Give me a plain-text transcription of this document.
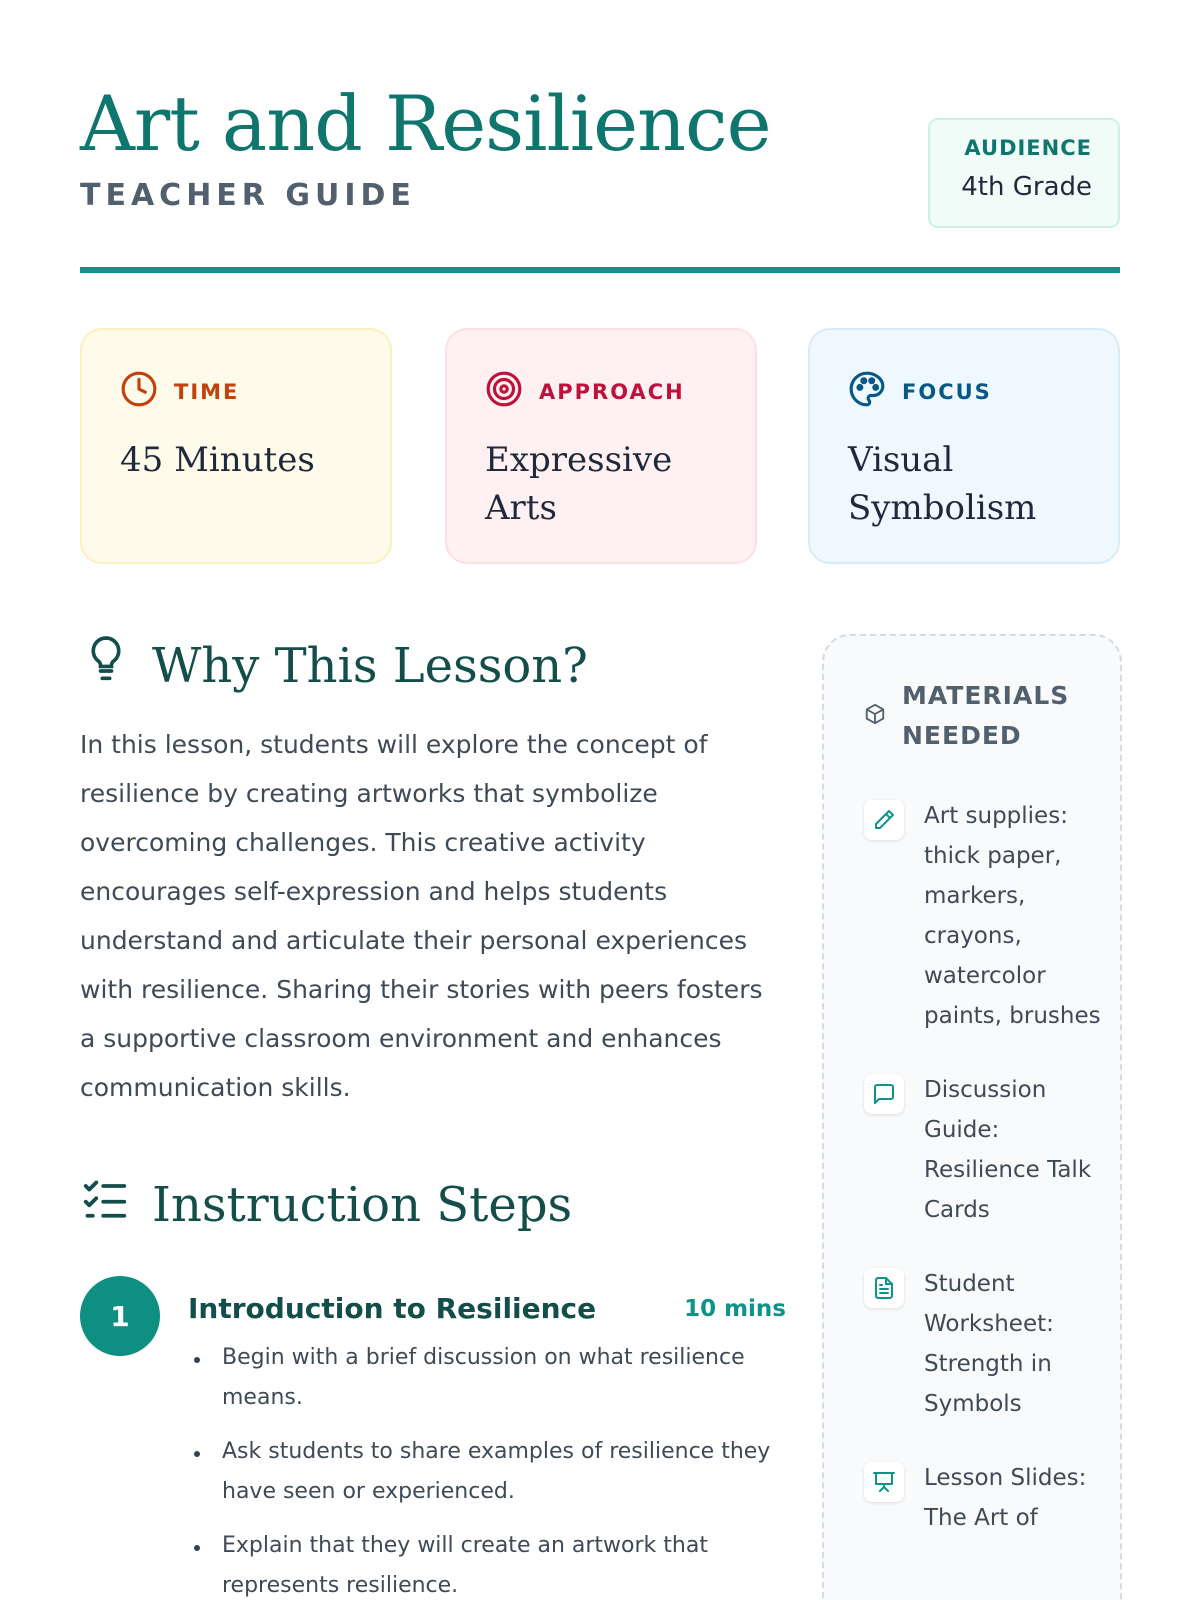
Art and Resilience
TEACHER GUIDE
AUDIENCE
4th Grade
TIME
45 Minutes
APPROACH
Expressive Arts
FOCUS
Visual Symbolism
Why This Lesson?

In this lesson, students will explore the concept of resilience by creating artworks that symbolize overcoming challenges. This creative activity encourages self-expression and helps students understand and articulate their personal experiences with resilience. Sharing their stories with peers fosters a supportive classroom environment and enhances communication skills.

Instruction Steps
1	Introduction to Resilience	10 mins
Begin with a brief discussion on what resilience means.
Ask students to share examples of resilience they have seen or experienced.
Explain that they will create an artwork that represents resilience.
MATERIALS NEEDED
Art supplies: thick paper, markers, crayons, watercolor paints, brushes
Discussion Guide: Resilience Talk Cards
Student Worksheet: Strength in Symbols
Lesson Slides: The Art of
